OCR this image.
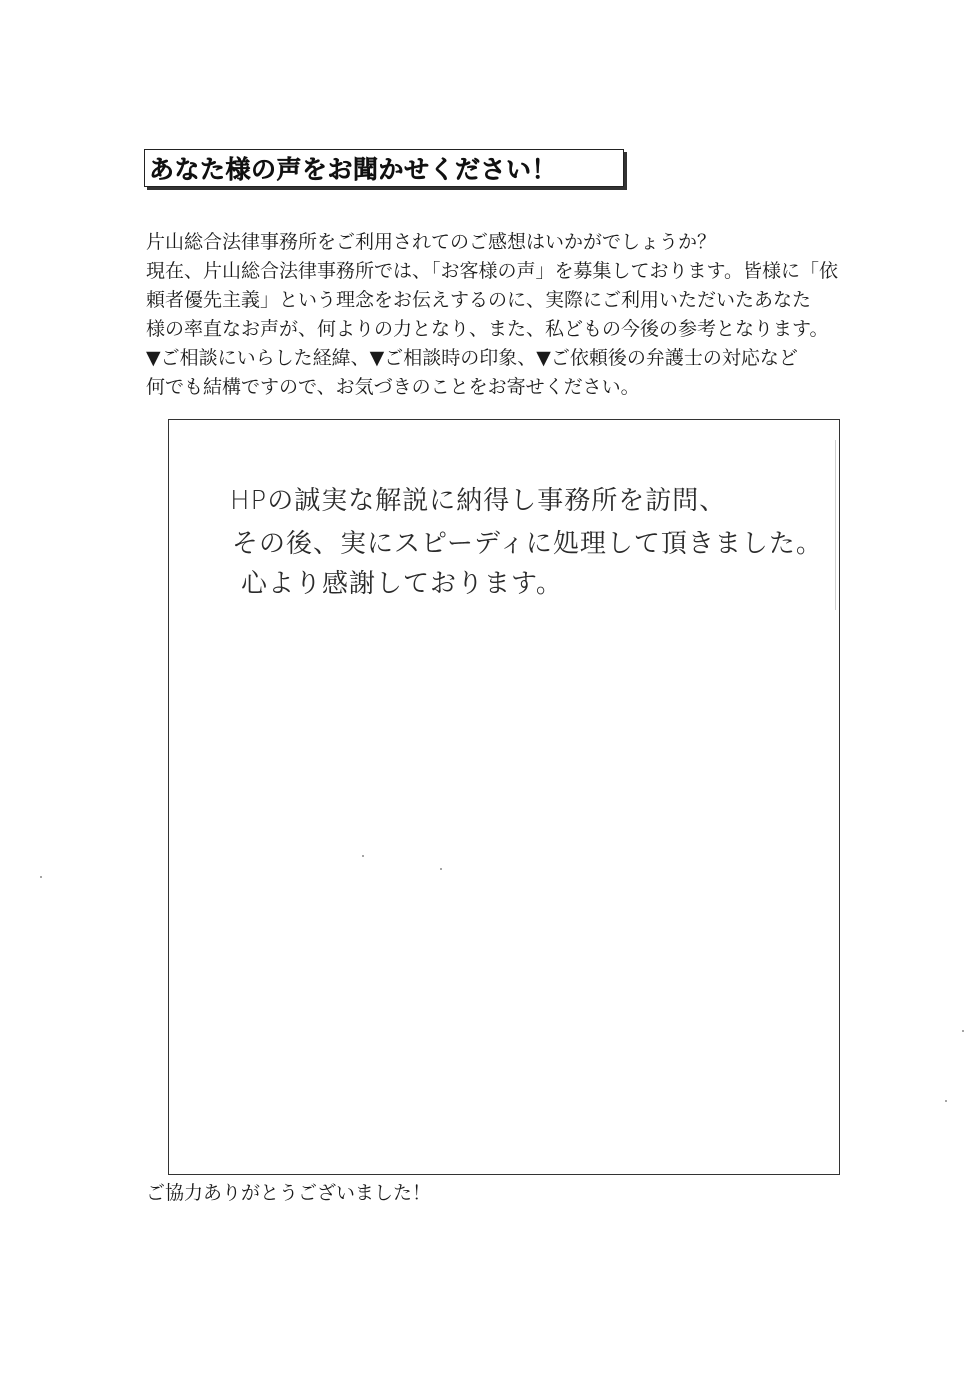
あなた様の声をお聞かせください！
片山総合法律事務所をご利用されてのご感想はいかがでしょうか？
現在、片山総合法律事務所では、「お客様の声」を募集しております。皆様に「依
頼者優先主義」という理念をお伝えするのに、実際にご利用いただいたあなた
様の率直なお声が、何よりの力となり、また、私どもの今後の参考となります。
▼ご相談にいらした経緯、▼ご相談時の印象、▼ご依頼後の弁護士の対応など
何でも結構ですので、お気づきのことをお寄せください。
HPの誠実な解説に納得し事務所を訪問、
その後、実にスピーディに処理して頂きました。
心より感謝しております。
ご協力ありがとうございました！
